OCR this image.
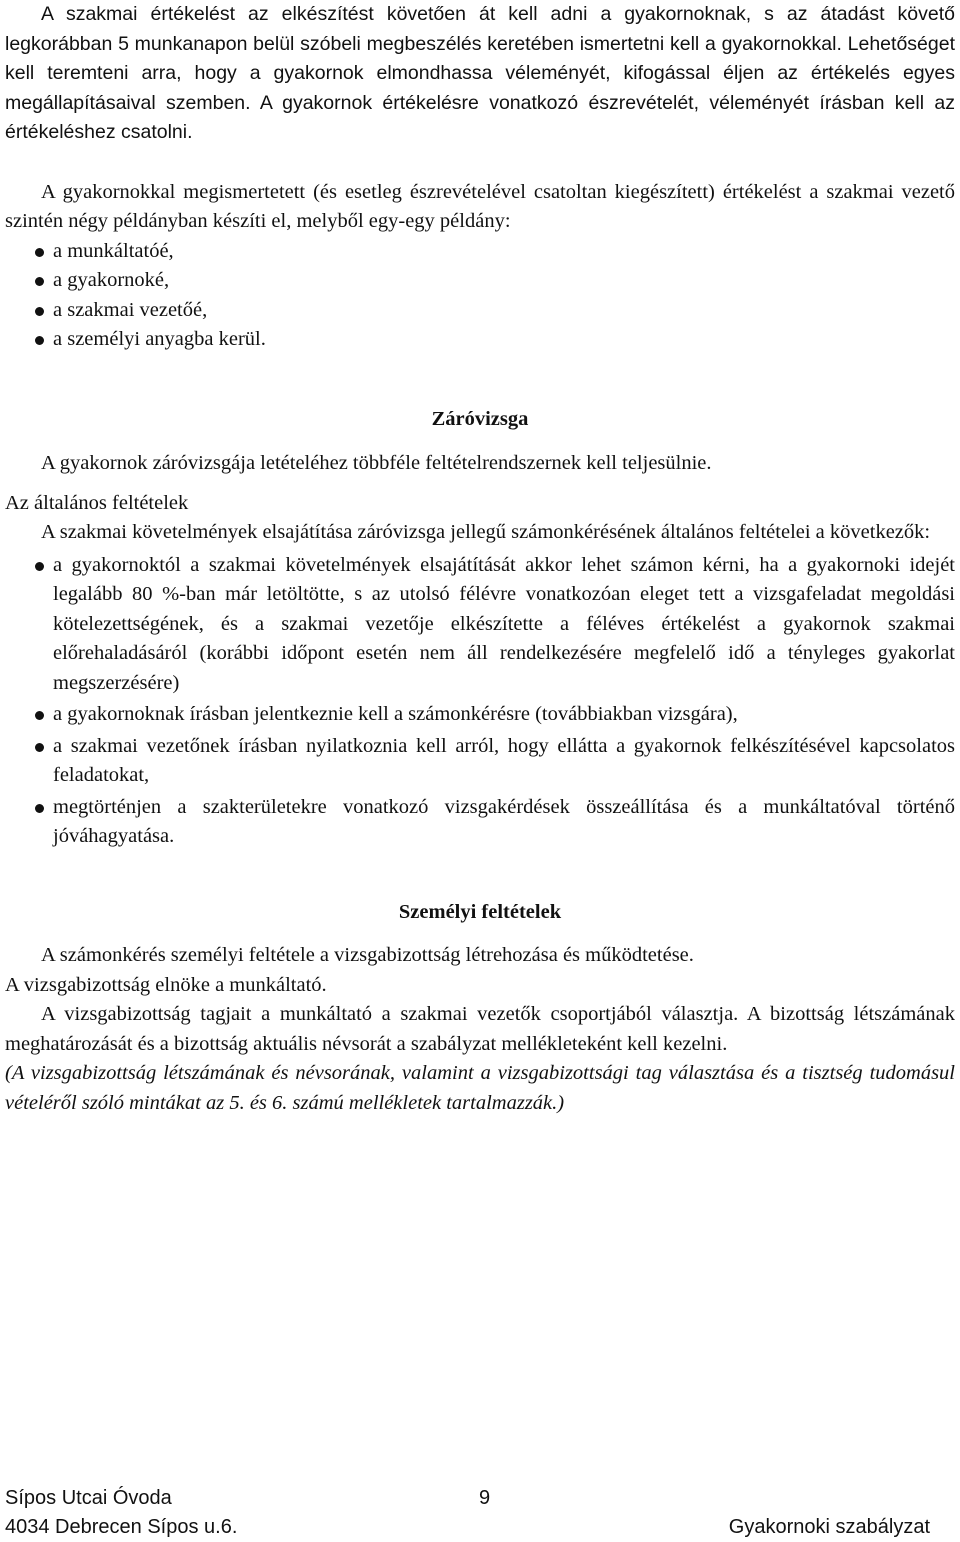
A szakmai értékelést az elkészítést követően át kell adni a gyakornoknak, s az átadást követő legkorábban 5 munkanapon belül szóbeli megbeszélés keretében ismertetni kell a gyakornokkal. Lehetőséget kell teremteni arra, hogy a gyakornok elmondhassa véleményét, kifogással éljen az értékelés egyes megállapításaival szemben. A gyakornok értékelésre vonatkozó észrevételét, véleményét írásban kell az értékeléshez csatolni.

A gyakornokkal megismertetett (és esetleg észrevételével csatoltan kiegészített) értékelést a szakmai vezető szintén négy példányban készíti el, melyből egy-egy példány:

a munkáltatóé,
a gyakornoké,
a szakmai vezetőé,
a személyi anyagba kerül.

Záróvizsga

A gyakornok záróvizsgája letételéhez többféle feltételrendszernek kell teljesülnie.

Az általános feltételek

A szakmai követelmények elsajátítása záróvizsga jellegű számonkérésének általános feltételei a következők:

a gyakornoktól a szakmai követelmények elsajátítását akkor lehet számon kérni, ha a gyakornoki idejét legalább 80 %-ban már letöltötte, s az utolsó félévre vonatkozóan eleget tett a vizsgafeladat megoldási kötelezettségének, és a szakmai vezetője elkészítette a féléves értékelést a gyakornok szakmai előrehaladásáról (korábbi időpont esetén nem áll rendelkezésére megfelelő idő a tényleges gyakorlat megszerzésére)
a gyakornoknak írásban jelentkeznie kell a számonkérésre (továbbiakban vizsgára),
a szakmai vezetőnek írásban nyilatkoznia kell arról, hogy ellátta a gyakornok felkészítésével kapcsolatos feladatokat,
megtörténjen a szakterületekre vonatkozó vizsgakérdések összeállítása és a munkáltatóval történő jóváhagyatása.

Személyi feltételek

A számonkérés személyi feltétele a vizsgabizottság létrehozása és működtetése.

A vizsgabizottság elnöke a munkáltató.

A vizsgabizottság tagjait a munkáltató a szakmai vezetők csoportjából választja. A bizottság létszámának meghatározását és a bizottság aktuális névsorát a szabályzat mellékleteként kell kezelni.

(A vizsgabizottság létszámának és névsorának, valamint a vizsgabizottsági tag választása és a tisztség tudomásul vételéről szóló mintákat az 5. és 6. számú mellékletek tartalmazzák.)

Sípos Utcai Óvoda	9
4034 Debrecen Sípos u.6.	Gyakornoki szabályzat
